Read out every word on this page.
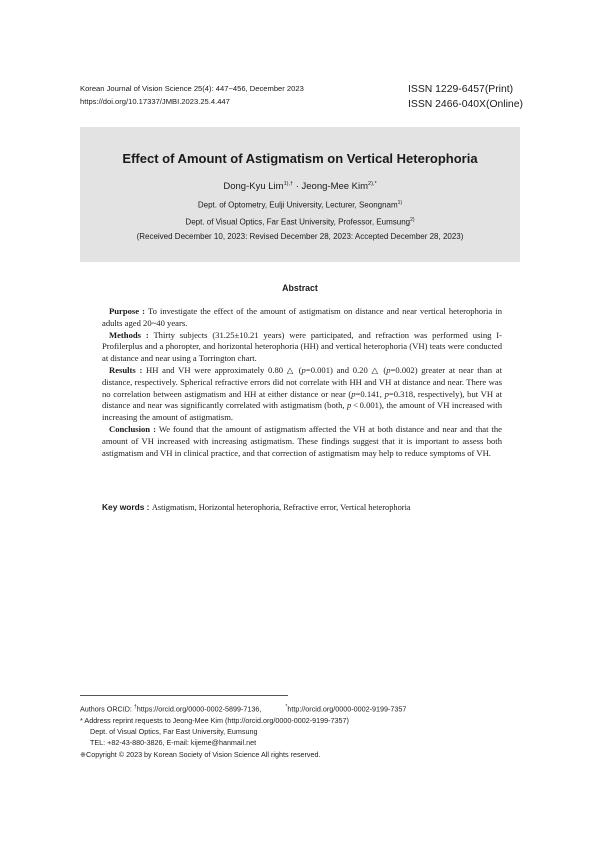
Korean Journal of Vision Science 25(4): 447~456, December 2023
https://doi.org/10.17337/JMBI.2023.25.4.447
ISSN 1229-6457(Print)
ISSN 2466-040X(Online)
Effect of Amount of Astigmatism on Vertical Heterophoria
Dong-Kyu Lim$^{1),\dagger}$ · Jeong-Mee Kim$^{2),*}$
Dept. of Optometry, Eulji University, Lecturer, Seongnam$^{1)}$
Dept. of Visual Optics, Far East University, Professor, Eumsung$^{2)}$
(Received December 10, 2023: Revised December 28, 2023: Accepted December 28, 2023)
Abstract

Purpose : To investigate the effect of the amount of astigmatism on distance and near vertical heterophoria in adults aged 20~40 years.

Methods : Thirty subjects (31.25±10.21 years) were participated, and refraction was performed using I-Profilerplus and a phoropter, and horizontal heterophoria (HH) and vertical heterophoria (VH) teats were conducted at distance and near using a Torrington chart.

Results : HH and VH were approximately 0.80 △ (p=0.001) and 0.20 △ (p=0.002) greater at near than at distance, respectively. Spherical refractive errors did not correlate with HH and VH at distance and near. There was no correlation between astigmatism and HH at either distance or near (p=0.141, p=0.318, respectively), but VH at distance and near was significantly correlated with astigmatism (both, p < 0.001), the amount of VH increased with increasing the amount of astigmatism.

Conclusion : We found that the amount of astigmatism affected the VH at both distance and near and that the amount of VH increased with increasing astigmatism. These findings suggest that it is important to assess both astigmatism and VH in clinical practice, and that correction of astigmatism may help to reduce symptoms of VH.

Key words : Astigmatism, Horizontal heterophoria, Refractive error, Vertical heterophoria
Authors ORCID: †https://orcid.org/0000-0002-5899-7136,	*http://orcid.org/0000-0002-9199-7357
* Address reprint requests to Jeong-Mee Kim (http://orcid.org/0000-0002-9199-7357)
Dept. of Visual Optics, Far East University, Eumsung
TEL: +82-43-880-3826, E-mail: kijeme@hanmail.net
※Copyright © 2023 by Korean Society of Vision Science All rights reserved.
